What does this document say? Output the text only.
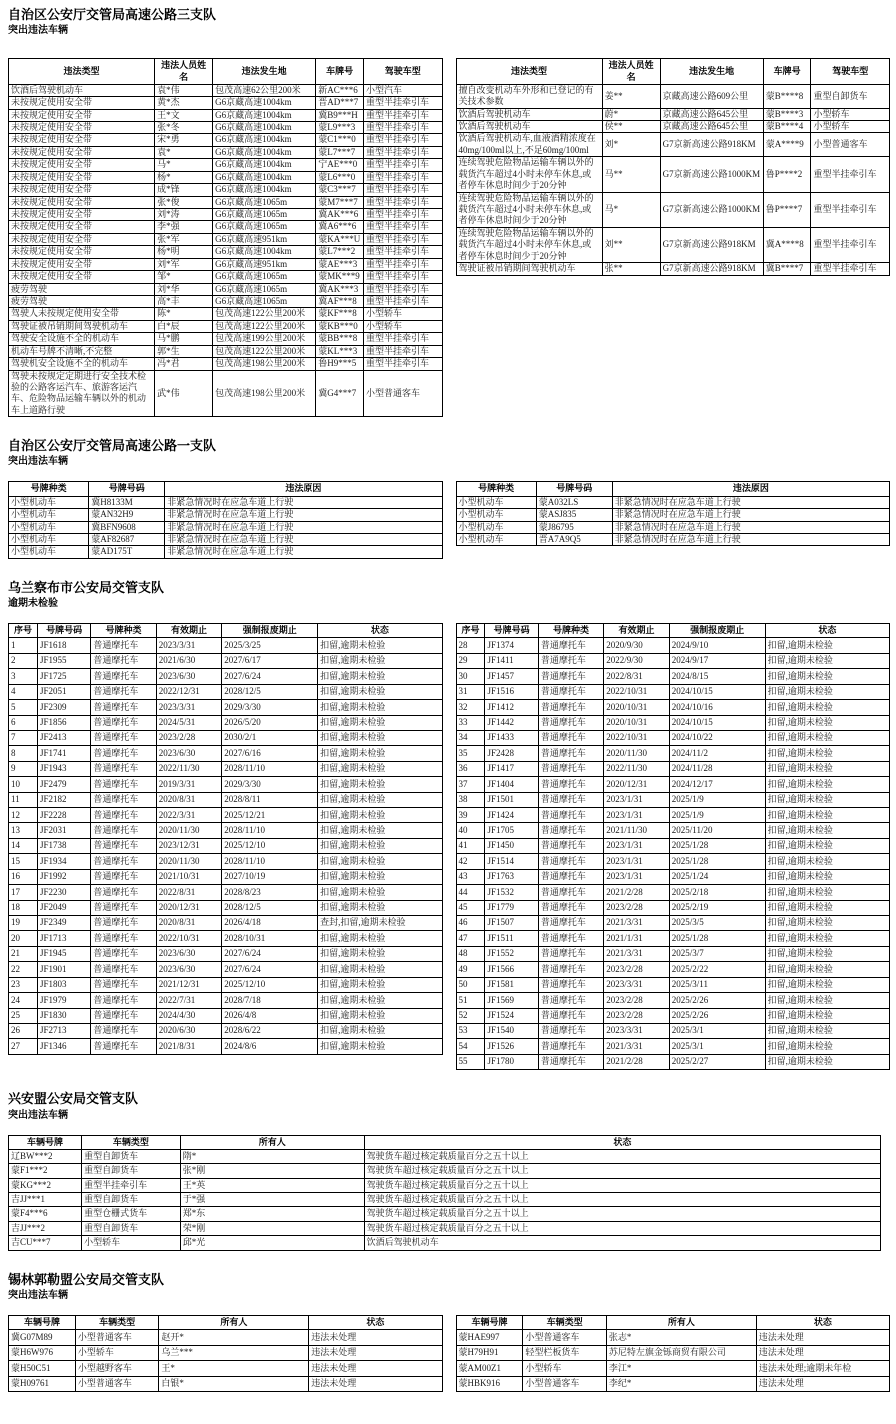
自治区公安厅交管局高速公路三支队
突出违法车辆
违法类型	违法人员姓名	违法发生地	车牌号	驾驶车型
饮酒后驾驶机动车	袁*伟	包茂高速62公里200米	新AC***6	小型汽车
未按规定使用安全带	黄*杰	G6京藏高速1004km	晋AD***7	重型半挂牵引车
未按规定使用安全带	王*文	G6京藏高速1004km	冀B9***H	重型半挂牵引车
未按规定使用安全带	张*冬	G6京藏高速1004km	蒙L9***3	重型半挂牵引车
未按规定使用安全带	宋*勇	G6京藏高速1004km	蒙C1***0	重型半挂牵引车
未按规定使用安全带	袁*	G6京藏高速1004km	蒙L7***7	重型半挂牵引车
未按规定使用安全带	马*	G6京藏高速1004km	宁AE***0	重型半挂牵引车
未按规定使用安全带	杨*	G6京藏高速1004km	蒙L6***0	重型半挂牵引车
未按规定使用安全带	成*锋	G6京藏高速1004km	蒙C3***7	重型半挂牵引车
未按规定使用安全带	张*俊	G6京藏高速1065m	蒙M7***7	重型半挂牵引车
未按规定使用安全带	刘*涛	G6京藏高速1065m	冀AK***6	重型半挂牵引车
未按规定使用安全带	李*强	G6京藏高速1065m	冀A6***6	重型半挂牵引车
未按规定使用安全带	张*军	G6京藏高速951km	蒙KA***U	重型半挂牵引车
未按规定使用安全带	杨*明	G6京藏高速1004km	蒙L7***2	重型半挂牵引车
未按规定使用安全带	刘*军	G6京藏高速951km	蒙AE***3	重型半挂牵引车
未按规定使用安全带	邹*	G6京藏高速1065m	蒙MK***9	重型半挂牵引车
疲劳驾驶	刘*华	G6京藏高速1065m	冀AK***3	重型半挂牵引车
疲劳驾驶	高*丰	G6京藏高速1065m	冀AF***8	重型半挂牵引车
驾驶人未按规定使用安全带	陈*	包茂高速122公里200米	蒙KF***8	小型轿车
驾驶证被吊销期间驾驶机动车	白*辰	包茂高速122公里200米	蒙KB***0	小型轿车
驾驶安全设施不全的机动车	马*鹏	包茂高速199公里200米	蒙BB***8	重型半挂牵引车
机动车号牌不清晰,不完整	郭*生	包茂高速122公里200米	蒙KL***3	重型半挂牵引车
驾驶机安全设施不全的机动车	冯*君	包茂高速198公里200米	鲁H9***5	重型半挂牵引车
驾驶未按规定定期进行安全技术检验的公路客运汽车、旅游客运汽车、危险物品运输车辆以外的机动车上道路行驶	武*伟	包茂高速198公里200米	冀G4***7	小型普通客车
违法类型	违法人员姓名	违法发生地	车牌号	驾驶车型
擅自改变机动车外形和已登记的有关技术参数	姜**	京藏高速公路609公里	蒙B****8	重型自卸货车
饮酒后驾驶机动车	蔚*	京藏高速公路645公里	蒙B****3	小型轿车
饮酒后驾驶机动车	侯**	京藏高速公路645公里	蒙B****4	小型轿车
饮酒后驾驶机动车,血液酒精浓度在40mg/100ml以上,不足60mg/100ml	刘*	G7京新高速公路918KM	蒙A****9	小型普通客车
连续驾驶危险物品运输车辆以外的载货汽车超过4小时未停车休息,或者停车休息时间少于20分钟	马**	G7京新高速公路1000KM	鲁P****2	重型半挂牵引车
连续驾驶危险物品运输车辆以外的载货汽车超过4小时未停车休息,或者停车休息时间少于20分钟	马*	G7京新高速公路1000KM	鲁P****7	重型半挂牵引车
连续驾驶危险物品运输车辆以外的载货汽车超过4小时未停车休息,或者停车休息时间少于20分钟	刘**	G7京新高速公路918KM	冀A****8	重型半挂牵引车
驾驶证被吊销期间驾驶机动车	张**	G7京新高速公路918KM	冀B****7	重型半挂牵引车
自治区公安厅交管局高速公路一支队
突出违法车辆
号牌种类	号牌号码	违法原因
小型机动车	冀H8133M	非紧急情况时在应急车道上行驶
小型机动车	蒙AN32H9	非紧急情况时在应急车道上行驶
小型机动车	冀BFN9608	非紧急情况时在应急车道上行驶
小型机动车	蒙AF82687	非紧急情况时在应急车道上行驶
小型机动车	蒙AD175T	非紧急情况时在应急车道上行驶
号牌种类	号牌号码	违法原因
小型机动车	蒙A032LS	非紧急情况时在应急车道上行驶
小型机动车	蒙ASJ835	非紧急情况时在应急车道上行驶
小型机动车	蒙J86795	非紧急情况时在应急车道上行驶
小型机动车	晋A7A9Q5	非紧急情况时在应急车道上行驶
乌兰察布市公安局交管支队
逾期未检验
序号	号牌号码	号牌种类	有效期止	强制报废期止	状态
1	JF1618	普通摩托车	2023/3/31	2025/3/25	扣留,逾期未检验
2	JF1955	普通摩托车	2021/6/30	2027/6/17	扣留,逾期未检验
3	JF1725	普通摩托车	2023/6/30	2027/6/24	扣留,逾期未检验
4	JF2051	普通摩托车	2022/12/31	2028/12/5	扣留,逾期未检验
5	JF2309	普通摩托车	2023/3/31	2029/3/30	扣留,逾期未检验
6	JF1856	普通摩托车	2024/5/31	2026/5/20	扣留,逾期未检验
7	JF2413	普通摩托车	2023/2/28	2030/2/1	扣留,逾期未检验
8	JF1741	普通摩托车	2023/6/30	2027/6/16	扣留,逾期未检验
9	JF1943	普通摩托车	2022/11/30	2028/11/10	扣留,逾期未检验
10	JF2479	普通摩托车	2019/3/31	2029/3/30	扣留,逾期未检验
11	JF2182	普通摩托车	2020/8/31	2028/8/11	扣留,逾期未检验
12	JF2228	普通摩托车	2022/3/31	2025/12/21	扣留,逾期未检验
13	JF2031	普通摩托车	2020/11/30	2028/11/10	扣留,逾期未检验
14	JF1738	普通摩托车	2023/12/31	2025/12/10	扣留,逾期未检验
15	JF1934	普通摩托车	2020/11/30	2028/11/10	扣留,逾期未检验
16	JF1992	普通摩托车	2021/10/31	2027/10/19	扣留,逾期未检验
17	JF2230	普通摩托车	2022/8/31	2028/8/23	扣留,逾期未检验
18	JF2049	普通摩托车	2020/12/31	2028/12/5	扣留,逾期未检验
19	JF2349	普通摩托车	2020/8/31	2026/4/18	查封,扣留,逾期未检验
20	JF1713	普通摩托车	2022/10/31	2028/10/31	扣留,逾期未检验
21	JF1945	普通摩托车	2023/6/30	2027/6/24	扣留,逾期未检验
22	JF1901	普通摩托车	2023/6/30	2027/6/24	扣留,逾期未检验
23	JF1803	普通摩托车	2021/12/31	2025/12/10	扣留,逾期未检验
24	JF1979	普通摩托车	2022/7/31	2028/7/18	扣留,逾期未检验
25	JF1830	普通摩托车	2024/4/30	2026/4/8	扣留,逾期未检验
26	JF2713	普通摩托车	2020/6/30	2028/6/22	扣留,逾期未检验
27	JF1346	普通摩托车	2021/8/31	2024/8/6	扣留,逾期未检验
序号	号牌号码	号牌种类	有效期止	强制报废期止	状态
28	JF1374	普通摩托车	2020/9/30	2024/9/10	扣留,逾期未检验
29	JF1411	普通摩托车	2022/9/30	2024/9/17	扣留,逾期未检验
30	JF1457	普通摩托车	2022/8/31	2024/8/15	扣留,逾期未检验
31	JF1516	普通摩托车	2022/10/31	2024/10/15	扣留,逾期未检验
32	JF1412	普通摩托车	2020/10/31	2024/10/16	扣留,逾期未检验
33	JF1442	普通摩托车	2020/10/31	2024/10/15	扣留,逾期未检验
34	JF1433	普通摩托车	2022/10/31	2024/10/22	扣留,逾期未检验
35	JF2428	普通摩托车	2020/11/30	2024/11/2	扣留,逾期未检验
36	JF1417	普通摩托车	2022/11/30	2024/11/28	扣留,逾期未检验
37	JF1404	普通摩托车	2020/12/31	2024/12/17	扣留,逾期未检验
38	JF1501	普通摩托车	2023/1/31	2025/1/9	扣留,逾期未检验
39	JF1424	普通摩托车	2023/1/31	2025/1/9	扣留,逾期未检验
40	JF1705	普通摩托车	2021/11/30	2025/11/20	扣留,逾期未检验
41	JF1450	普通摩托车	2023/1/31	2025/1/28	扣留,逾期未检验
42	JF1514	普通摩托车	2023/1/31	2025/1/28	扣留,逾期未检验
43	JF1763	普通摩托车	2023/1/31	2025/1/24	扣留,逾期未检验
44	JF1532	普通摩托车	2021/2/28	2025/2/18	扣留,逾期未检验
45	JF1779	普通摩托车	2023/2/28	2025/2/19	扣留,逾期未检验
46	JF1507	普通摩托车	2021/3/31	2025/3/5	扣留,逾期未检验
47	JF1511	普通摩托车	2021/1/31	2025/1/28	扣留,逾期未检验
48	JF1552	普通摩托车	2021/3/31	2025/3/7	扣留,逾期未检验
49	JF1566	普通摩托车	2023/2/28	2025/2/22	扣留,逾期未检验
50	JF1581	普通摩托车	2023/3/31	2025/3/11	扣留,逾期未检验
51	JF1569	普通摩托车	2023/2/28	2025/2/26	扣留,逾期未检验
52	JF1524	普通摩托车	2023/2/28	2025/2/26	扣留,逾期未检验
53	JF1540	普通摩托车	2023/3/31	2025/3/1	扣留,逾期未检验
54	JF1526	普通摩托车	2021/3/31	2025/3/1	扣留,逾期未检验
55	JF1780	普通摩托车	2021/2/28	2025/2/27	扣留,逾期未检验
兴安盟公安局交管支队
突出违法车辆
车辆号牌	车辆类型	所有人	状态
辽BW***2	重型自卸货车	隋*	驾驶货车超过核定载质量百分之五十以上
蒙F1***2	重型自卸货车	张*刚	驾驶货车超过核定载质量百分之五十以上
蒙KG***2	重型半挂牵引车	王*英	驾驶货车超过核定载质量百分之五十以上
吉JJ***1	重型自卸货车	于*强	驾驶货车超过核定载质量百分之五十以上
蒙F4***6	重型仓栅式货车	郑*东	驾驶货车超过核定载质量百分之五十以上
吉JJ***2	重型自卸货车	荣*刚	驾驶货车超过核定载质量百分之五十以上
吉CU***7	小型轿车	邱*光	饮酒后驾驶机动车
锡林郭勒盟公安局交管支队
突出违法车辆
车辆号牌	车辆类型	所有人	状态
冀G07M89	小型普通客车	赵开*	违法未处理
蒙H6W976	小型轿车	乌兰***	违法未处理
蒙H50C51	小型越野客车	王*	违法未处理
蒙H09761	小型普通客车	白银*	违法未处理
车辆号牌	车辆类型	所有人	状态
蒙HAE997	小型普通客车	张志*	违法未处理
蒙H79H91	轻型栏板货车	苏尼特左旗金铄商贸有限公司	违法未处理
蒙AM00Z1	小型轿车	李江*	违法未处理;逾期未年检
蒙HBK916	小型普通客车	李纪*	违法未处理
